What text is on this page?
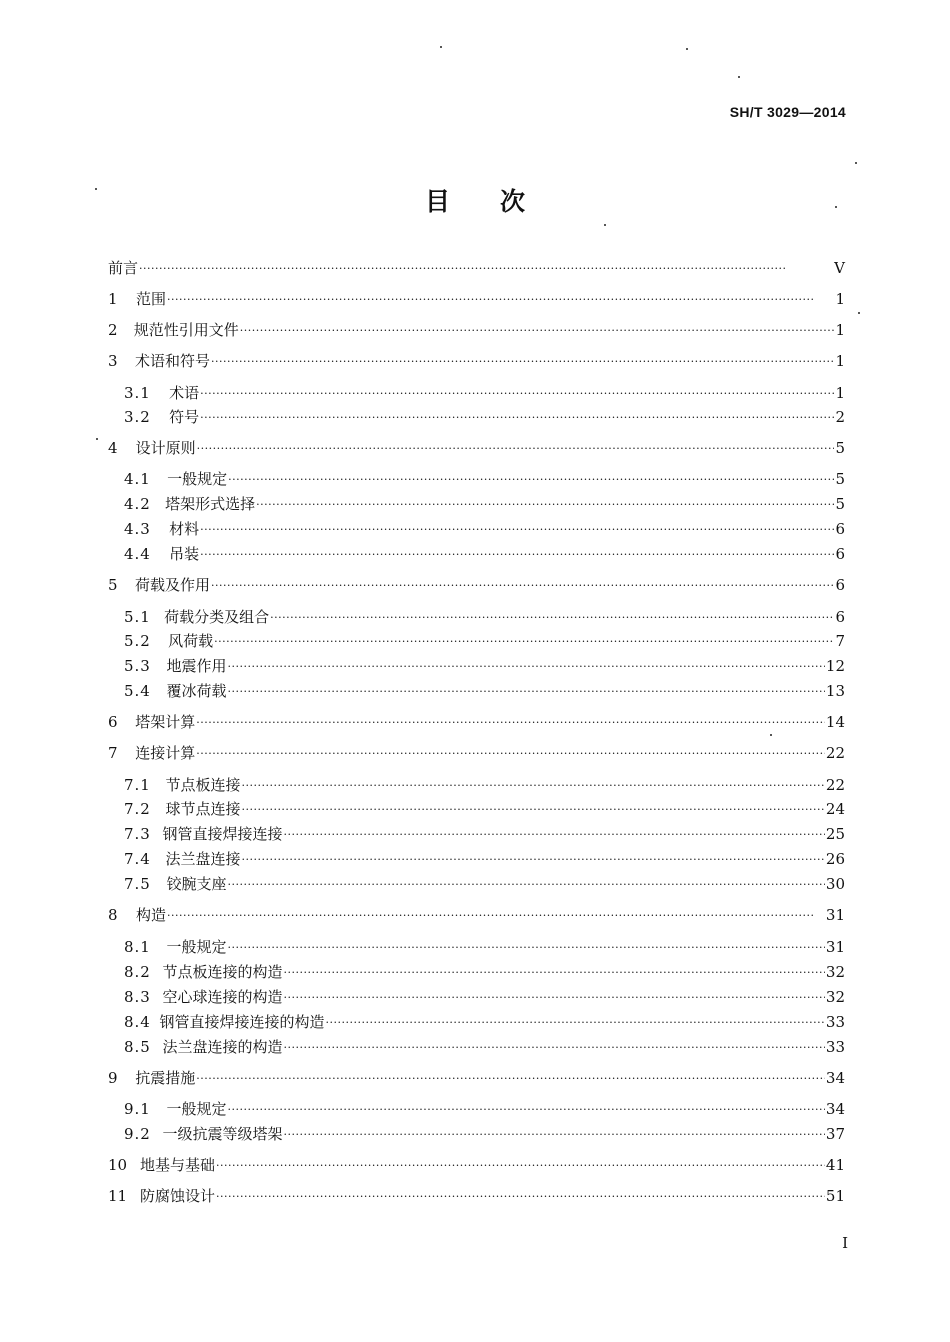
SH/T 3029—2014
目 次
前言 ·····	V
1	范围 ·····	1
2	规范性引用文件 ·····	1
3	术语和符号 ·····	1
3.1	术语 ·····	1
3.2	符号 ·····	2
4	设计原则 ·····	5
4.1	一般规定 ·····	5
4.2 塔架形式选择 ·····	5
4.3	材料 ·····	6
4.4	吊装 ·····	6
5	荷载及作用 ·····	6
5.1 荷载分类及组合 ·····	6
5.2	风荷载 ·····	7
5.3	地震作用 ·····	12
5.4	覆冰荷载 ·····	13
6	塔架计算 ·····	14
7	连接计算 ·····	22
7.1 节点板连接 ·····	22
7.2 球节点连接 ·····	24
7.3 钢管直接焊接连接 ·····	25
7.4 法兰盘连接 ·····	26
7.5	铰腕支座 ·····	30
8	构造 ·····	31
8.1	一般规定 ·····	31
8.2 节点板连接的构造 ·····	32
8.3 空心球连接的构造 ·····	32
8.4 钢管直接焊接连接的构造 ·····	33
8.5 法兰盘连接的构造 ·····	33
9	抗震措施 ·····	34
9.1	一般规定 ·····	34
9.2 一级抗震等级塔架 ·····	37
10 地基与基础 ·····	41
11 防腐蚀设计 ·····	51
I
